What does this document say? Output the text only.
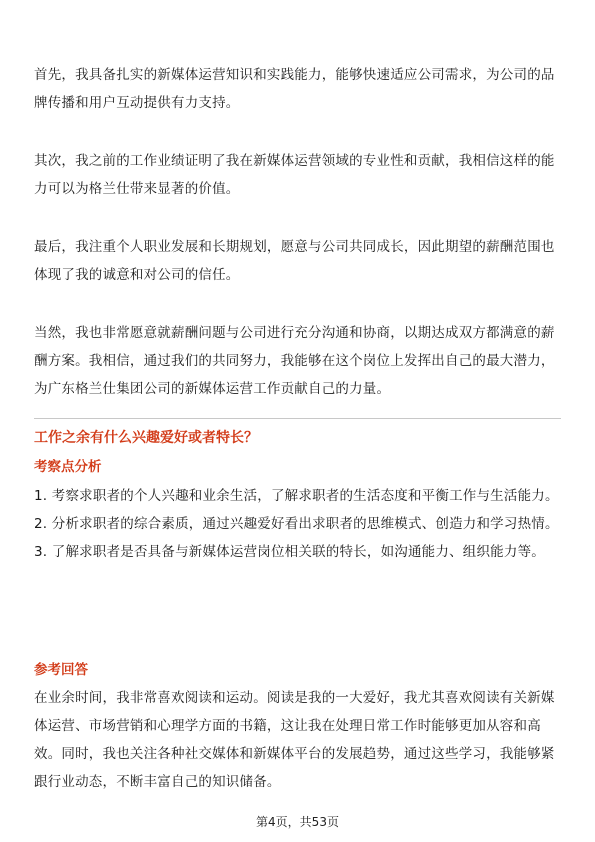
首先，我具备扎实的新媒体运营知识和实践能力，能够快速适应公司需求，为公司的品牌传播和用户互动提供有力支持。

其次，我之前的工作业绩证明了我在新媒体运营领域的专业性和贡献，我相信这样的能力可以为格兰仕带来显著的价值。

最后，我注重个人职业发展和长期规划，愿意与公司共同成长，因此期望的薪酬范围也体现了我的诚意和对公司的信任。

当然，我也非常愿意就薪酬问题与公司进行充分沟通和协商，以期达成双方都满意的薪酬方案。我相信，通过我们的共同努力，我能够在这个岗位上发挥出自己的最大潜力，为广东格兰仕集团公司的新媒体运营工作贡献自己的力量。

工作之余有什么兴趣爱好或者特长？

考察点分析

1. 考察求职者的个人兴趣和业余生活，了解求职者的生活态度和平衡工作与生活能力。
2. 分析求职者的综合素质，通过兴趣爱好看出求职者的思维模式、创造力和学习热情。
3. 了解求职者是否具备与新媒体运营岗位相关联的特长，如沟通能力、组织能力等。

参考回答

在业余时间，我非常喜欢阅读和运动。阅读是我的一大爱好，我尤其喜欢阅读有关新媒体运营、市场营销和心理学方面的书籍，这让我在处理日常工作时能够更加从容和高效。同时，我也关注各种社交媒体和新媒体平台的发展趋势，通过这些学习，我能够紧跟行业动态，不断丰富自己的知识储备。

第4页，共53页
